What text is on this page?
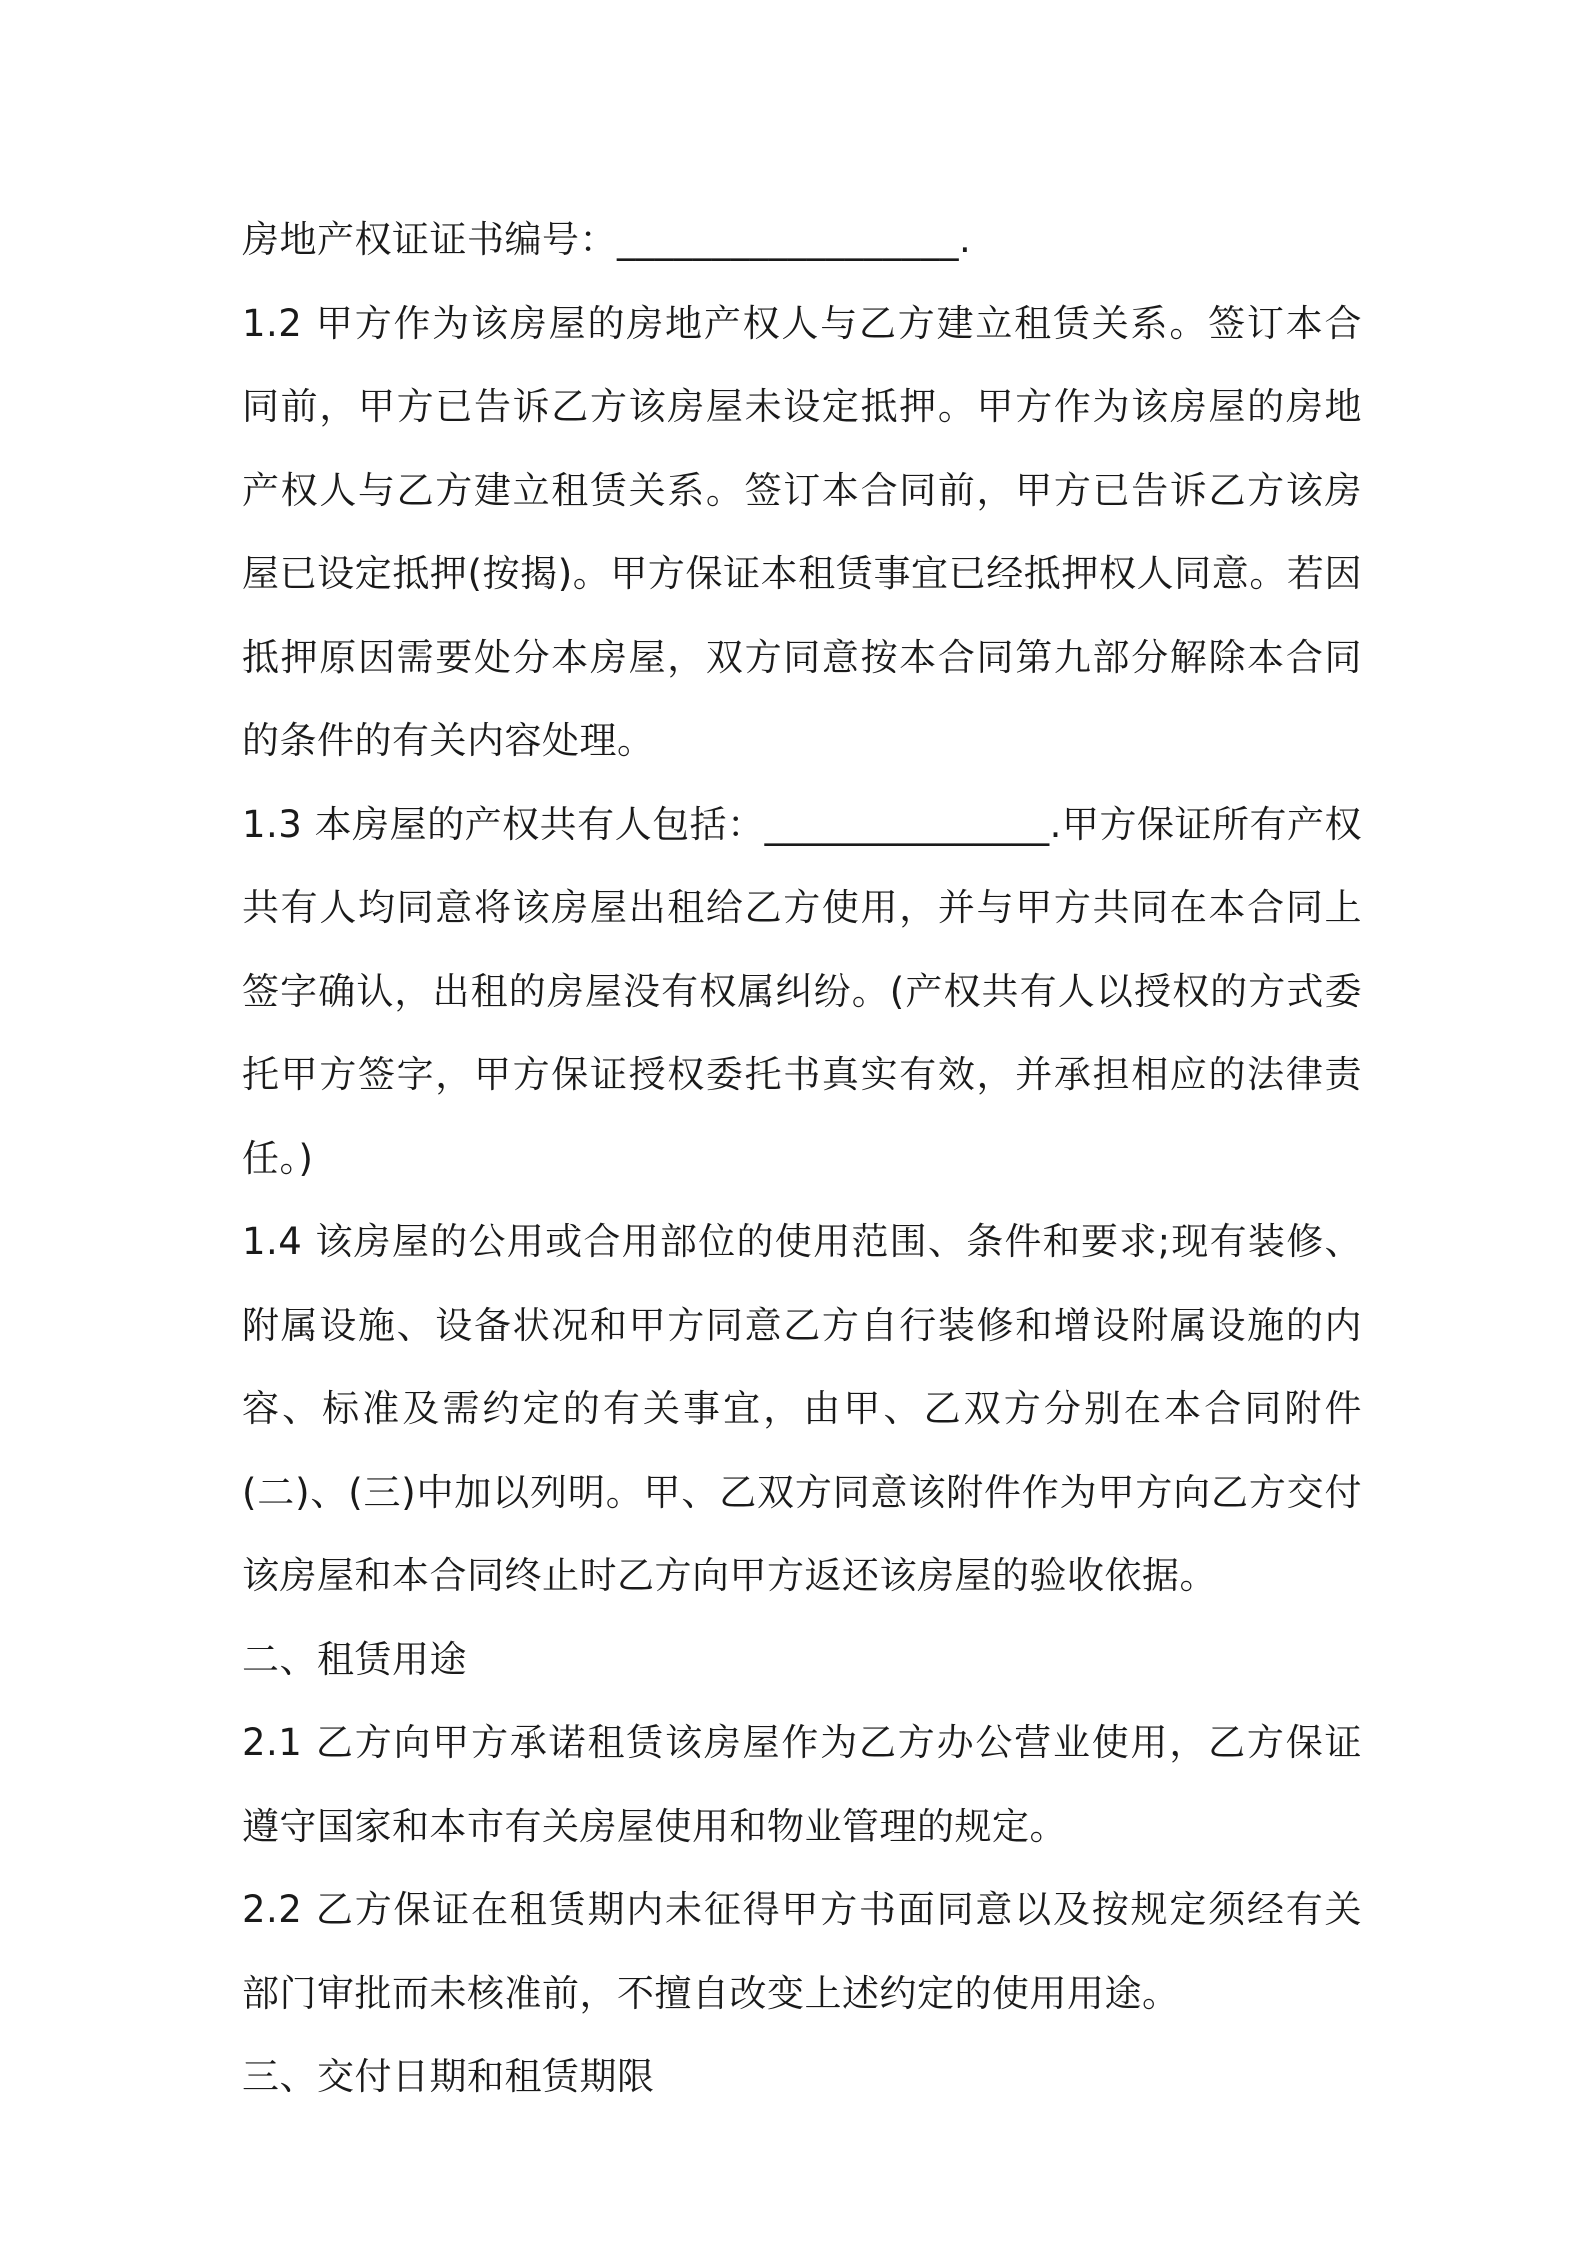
房地产权证证书编号：__________________.

1.2 甲方作为该房屋的房地产权人与乙方建立租赁关系。签订本合同前，甲方已告诉乙方该房屋未设定抵押。甲方作为该房屋的房地产权人与乙方建立租赁关系。签订本合同前，甲方已告诉乙方该房屋已设定抵押(按揭)。甲方保证本租赁事宜已经抵押权人同意。若因抵押原因需要处分本房屋，双方同意按本合同第九部分解除本合同的条件的有关内容处理。

1.3 本房屋的产权共有人包括：_______________.甲方保证所有产权共有人均同意将该房屋出租给乙方使用，并与甲方共同在本合同上签字确认，出租的房屋没有权属纠纷。(产权共有人以授权的方式委托甲方签字，甲方保证授权委托书真实有效，并承担相应的法律责任。)

1.4 该房屋的公用或合用部位的使用范围、条件和要求;现有装修、附属设施、设备状况和甲方同意乙方自行装修和增设附属设施的内容、标准及需约定的有关事宜，由甲、乙双方分别在本合同附件(二)、(三)中加以列明。甲、乙双方同意该附件作为甲方向乙方交付该房屋和本合同终止时乙方向甲方返还该房屋的验收依据。

二、租赁用途

2.1 乙方向甲方承诺租赁该房屋作为乙方办公营业使用，乙方保证遵守国家和本市有关房屋使用和物业管理的规定。

2.2 乙方保证在租赁期内未征得甲方书面同意以及按规定须经有关部门审批而未核准前，不擅自改变上述约定的使用用途。

三、交付日期和租赁期限
